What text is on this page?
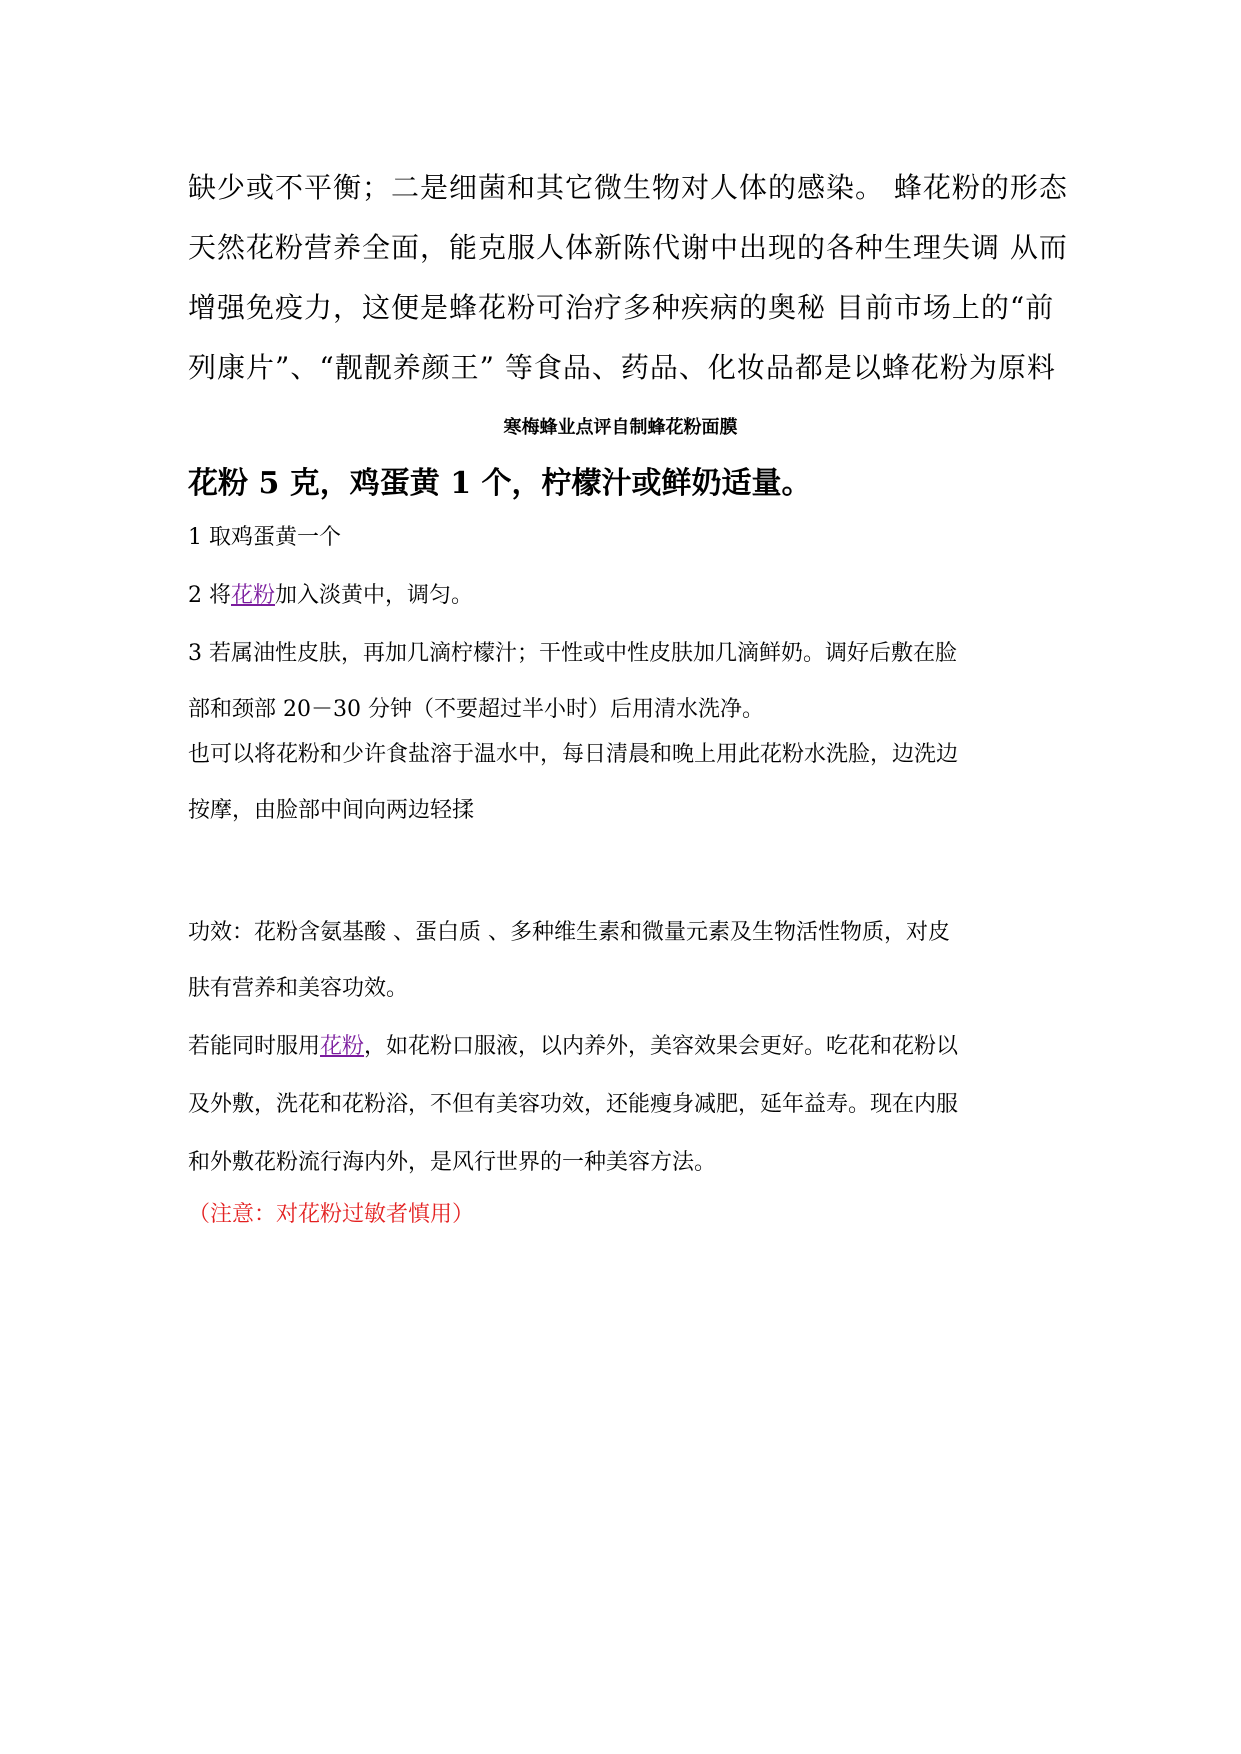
缺少或不平衡；二是细菌和其它微生物对人体的感染。 蜂花粉的形态
天然花粉营养全面，能克服人体新陈代谢中出现的各种生理失调 从而
增强免疫力，这便是蜂花粉可治疗多种疾病的奥秘 目前市场上的“前
列康片”、“靓靓养颜王” 等食品、药品、化妆品都是以蜂花粉为原料
寒梅蜂业点评自制蜂花粉面膜
花粉 5 克，鸡蛋黄 1 个，柠檬汁或鲜奶适量。
1 取鸡蛋黄一个
2 将花粉加入淡黄中，调匀。
3 若属油性皮肤，再加几滴柠檬汁；干性或中性皮肤加几滴鲜奶。调好后敷在脸
部和颈部 20－30 分钟（不要超过半小时）后用清水洗净。
也可以将花粉和少许食盐溶于温水中，每日清晨和晚上用此花粉水洗脸，边洗边
按摩，由脸部中间向两边轻揉
功效：花粉含氨基酸 、蛋白质 、多种维生素和微量元素及生物活性物质，对皮
肤有营养和美容功效。
若能同时服用花粉，如花粉口服液，以内养外，美容效果会更好。吃花和花粉以
及外敷，洗花和花粉浴，不但有美容功效，还能瘦身减肥，延年益寿。现在内服
和外敷花粉流行海内外，是风行世界的一种美容方法。
（注意：对花粉过敏者慎用）
